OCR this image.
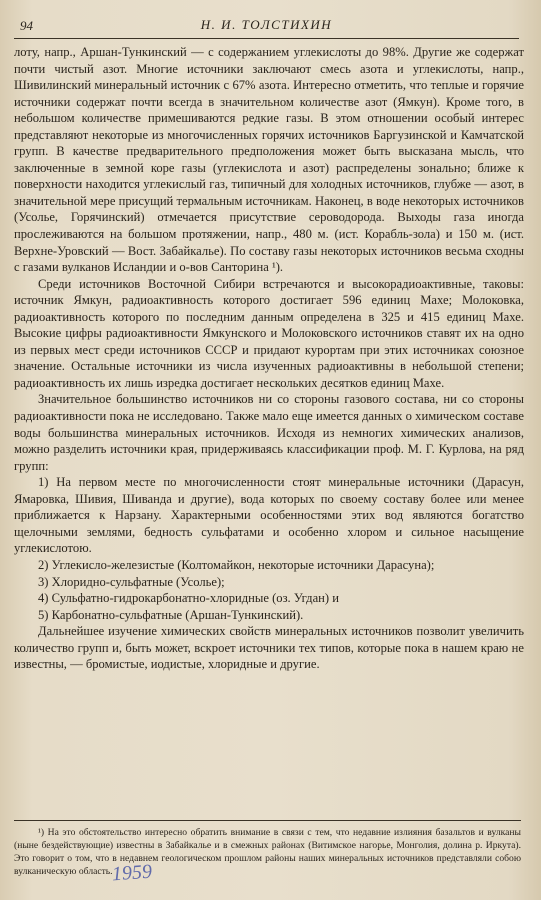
94	Н. И. ТОЛСТИХИН

лоту, напр., Аршан-Тункинский — с содержанием углекислоты до 98%. Другие же содержат почти чистый азот. Многие источники заключают смесь азота и углекислоты, напр., Шивилинский минеральный источник с 67% азота. Интересно отметить, что теплые и горячие источники содержат почти всегда в значительном количестве азот (Ямкун). Кроме того, в небольшом количестве примешиваются редкие газы. В этом отношении особый интерес представляют некоторые из многочисленных горячих источников Баргузинской и Камчатской групп. В качестве предварительного предположения может быть высказана мысль, что заключенные в земной коре газы (углекислота и азот) распределены зонально; ближе к поверхности находится углекислый газ, типичный для холодных источников, глубже — азот, в значительной мере присущий термальным источникам. Наконец, в воде некоторых источников (Усолье, Горячинский) отмечается присутствие сероводорода. Выходы газа иногда прослеживаются на большом протяжении, напр., 480 м. (ист. Корабль-зола) и 150 м. (ист. Верхне-Уровский — Вост. Забайкалье). По составу газы некоторых источников весьма сходны с газами вулканов Исландии и о-вов Санторина ¹).

Среди источников Восточной Сибири встречаются и высокорадиоактивные, таковы: источник Ямкун, радиоактивность которого достигает 596 единиц Махе; Молоковка, радиоактивность которого по последним данным определена в 325 и 415 единиц Махе. Высокие цифры радиоактивности Ямкунского и Молоковского источников ставят их на одно из первых мест среди источников СССР и придают курортам при этих источниках союзное значение. Остальные источники из числа изученных радиоактивны в небольшой степени; радиоактивность их лишь изредка достигает нескольких десятков единиц Махе.

Значительное большинство источников ни со стороны газового состава, ни со стороны радиоактивности пока не исследовано. Также мало еще имеется данных о химическом составе воды большинства минеральных источников. Исходя из немногих химических анализов, можно разделить источники края, придерживаясь классификации проф. М. Г. Курлова, на ряд групп:

1) На первом месте по многочисленности стоят минеральные источники (Дарасун, Ямаровка, Шивия, Шиванда и другие), вода которых по своему составу более или менее приближается к Нарзану. Характерными особенностями этих вод являются богатство щелочными землями, бедность сульфатами и особенно хлором и сильное насыщение углекислотою.

2) Углекисло-железистые (Колтомайкон, некоторые источники Дарасуна);

3) Хлоридно-сульфатные (Усолье);

4) Сульфатно-гидрокарбонатно-хлоридные (оз. Угдан) и

5) Карбонатно-сульфатные (Аршан-Тункинский).

Дальнейшее изучение химических свойств минеральных источников позволит увеличить количество групп и, быть может, вскроет источники тех типов, которые пока в нашем краю не известны, — бромистые, иодистые, хлоридные и другие.

¹) На это обстоятельство интересно обратить внимание в связи с тем, что недавние излияния базальтов и вулканы (ныне бездействующие) известны в Забайкалье и в смежных районах (Витимское нагорье, Монголия, долина р. Иркута). Это говорит о том, что в недавнем геологическом прошлом районы наших минеральных источников представляли собою вулканическую область.

1959
